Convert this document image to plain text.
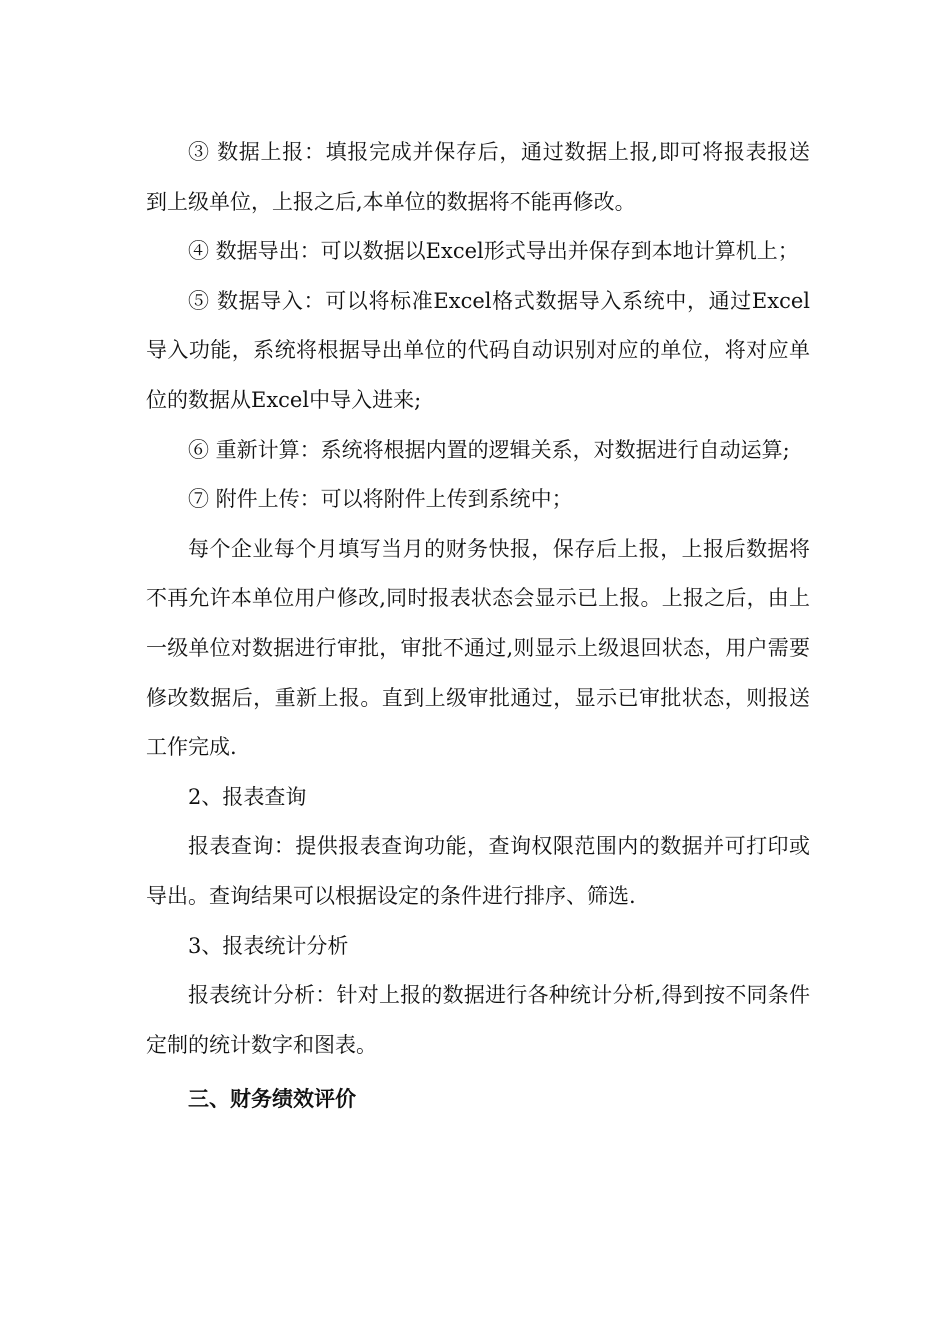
③ 数据上报：填报完成并保存后，通过数据上报,即可将报表报送到上级单位，上报之后,本单位的数据将不能再修改。

④ 数据导出：可以数据以Excel形式导出并保存到本地计算机上；

⑤ 数据导入：可以将标准Excel格式数据导入系统中，通过Excel导入功能，系统将根据导出单位的代码自动识别对应的单位，将对应单位的数据从Excel中导入进来;

⑥ 重新计算：系统将根据内置的逻辑关系，对数据进行自动运算;

⑦ 附件上传：可以将附件上传到系统中；

每个企业每个月填写当月的财务快报，保存后上报，上报后数据将不再允许本单位用户修改,同时报表状态会显示已上报。上报之后，由上一级单位对数据进行审批，审批不通过,则显示上级退回状态，用户需要修改数据后，重新上报。直到上级审批通过，显示已审批状态，则报送工作完成.

2、报表查询

报表查询：提供报表查询功能，查询权限范围内的数据并可打印或导出。查询结果可以根据设定的条件进行排序、筛选.

3、报表统计分析

报表统计分析：针对上报的数据进行各种统计分析,得到按不同条件定制的统计数字和图表。

三、财务绩效评价
